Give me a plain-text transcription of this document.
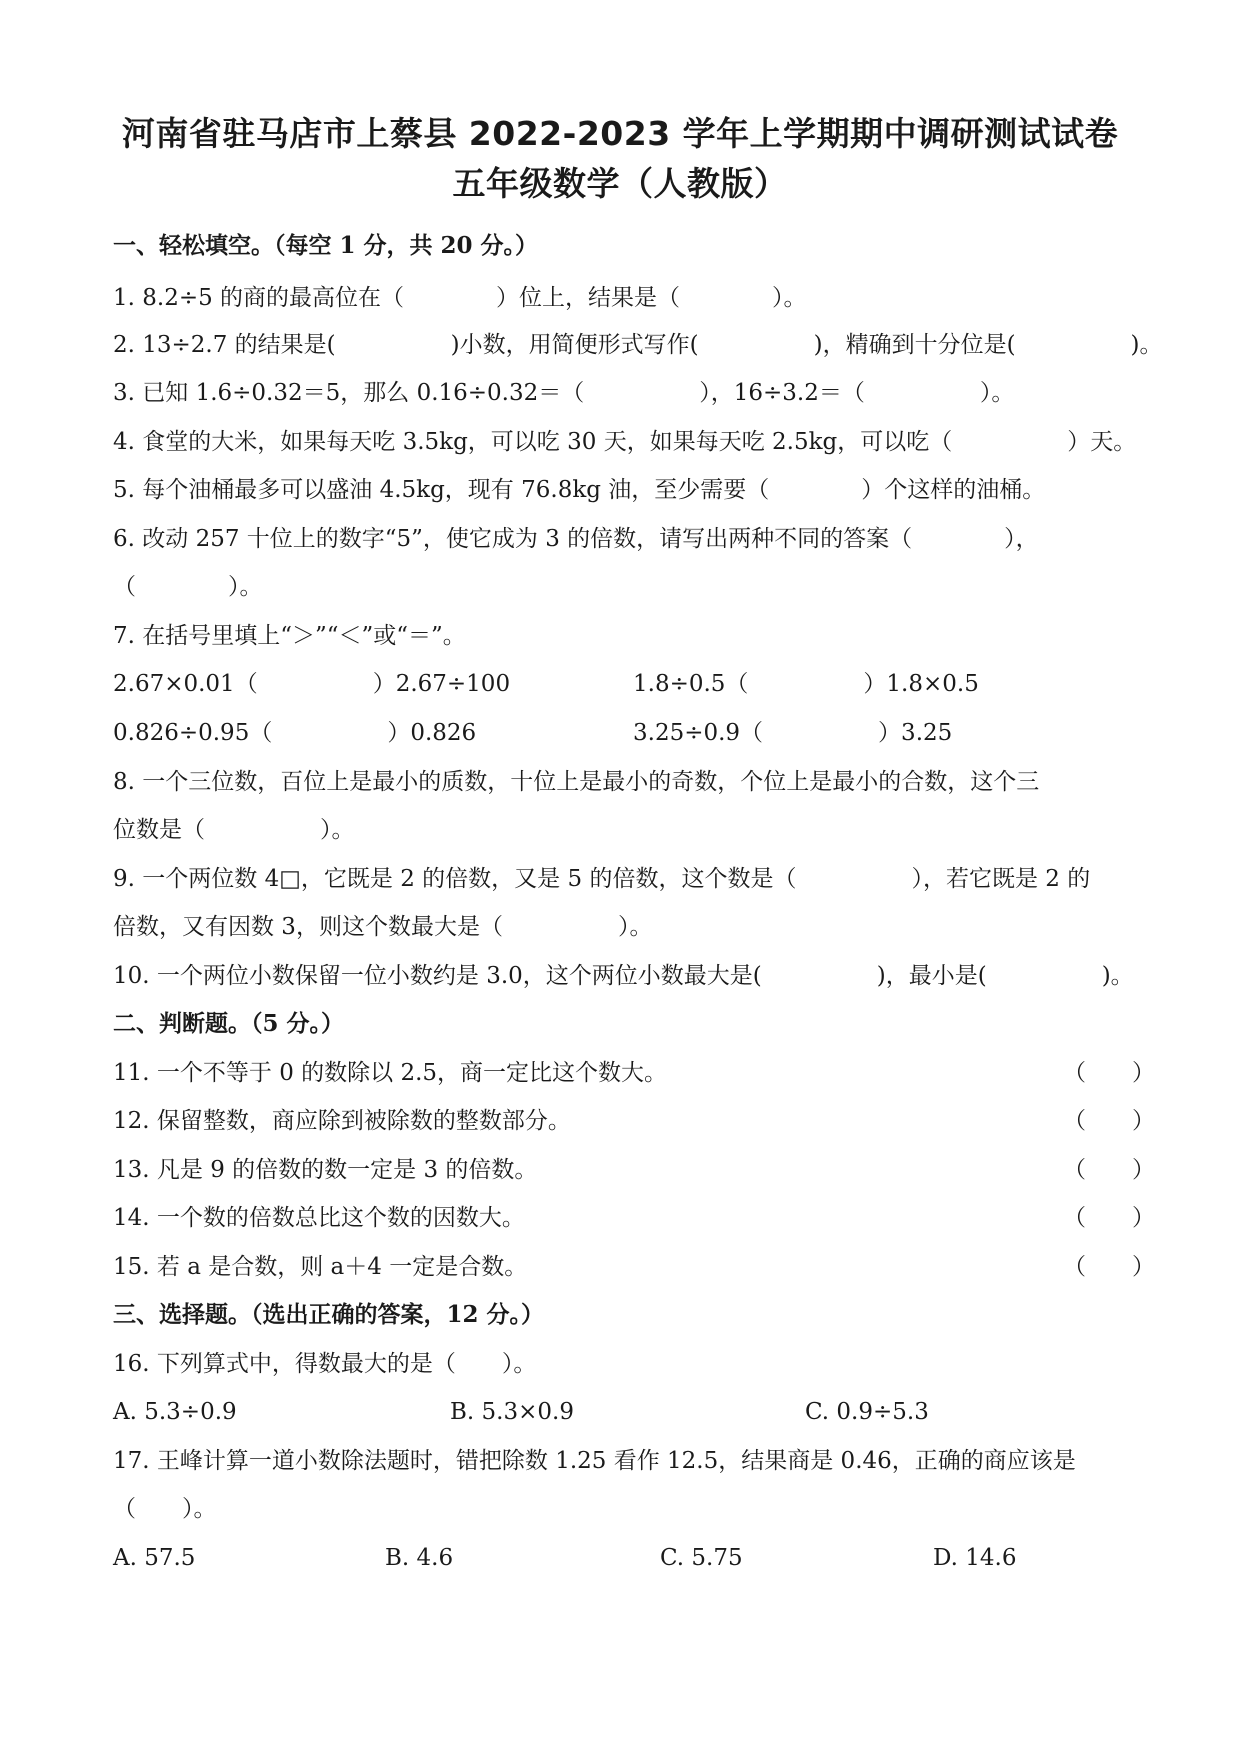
河南省驻马店市上蔡县 2022-2023 学年上学期期中调研测试试卷
五年级数学（人教版）
一、轻松填空。（每空 1 分，共 20 分。）
1. 8.2÷5 的商的最高位在（　　　　）位上，结果是（　　　　）。
2. 13÷2.7 的结果是(　　　　　)小数，用简便形式写作(　　　　　)，精确到十分位是(　　　　　)。
3. 已知 1.6÷0.32＝5，那么 0.16÷0.32＝（　　　　　），16÷3.2＝（　　　　　）。
4. 食堂的大米，如果每天吃 3.5kg，可以吃 30 天，如果每天吃 2.5kg，可以吃（　　　　　）天。
5. 每个油桶最多可以盛油 4.5kg，现有 76.8kg 油，至少需要（　　　　）个这样的油桶。
6. 改动 257 十位上的数字“5”，使它成为 3 的倍数，请写出两种不同的答案（　　　　），
（　　　　）。
7. 在括号里填上“＞”“＜”或“＝”。
2.67×0.01（　　　　　）2.67÷100	1.8÷0.5（　　　　　）1.8×0.5
0.826÷0.95（　　　　　）0.826	3.25÷0.9（　　　　　）3.25
8. 一个三位数，百位上是最小的质数，十位上是最小的奇数，个位上是最小的合数，这个三
位数是（　　　　　）。
9. 一个两位数 4□，它既是 2 的倍数，又是 5 的倍数，这个数是（　　　　　），若它既是 2 的
倍数，又有因数 3，则这个数最大是（　　　　　）。
10. 一个两位小数保留一位小数约是 3.0，这个两位小数最大是(　　　　　)，最小是(　　　　　)。
二、判断题。（5 分。）
11. 一个不等于 0 的数除以 2.5，商一定比这个数大。	（　　）
12. 保留整数，商应除到被除数的整数部分。	（　　）
13. 凡是 9 的倍数的数一定是 3 的倍数。	（　　）
14. 一个数的倍数总比这个数的因数大。	（　　）
15. 若 a 是合数，则 a＋4 一定是合数。	（　　）
三、选择题。（选出正确的答案，12 分。）
16. 下列算式中，得数最大的是（　　）。
A. 5.3÷0.9	B. 5.3×0.9	C. 0.9÷5.3
17. 王峰计算一道小数除法题时，错把除数 1.25 看作 12.5，结果商是 0.46，正确的商应该是
（　　）。
A. 57.5	B. 4.6	C. 5.75	D. 14.6
